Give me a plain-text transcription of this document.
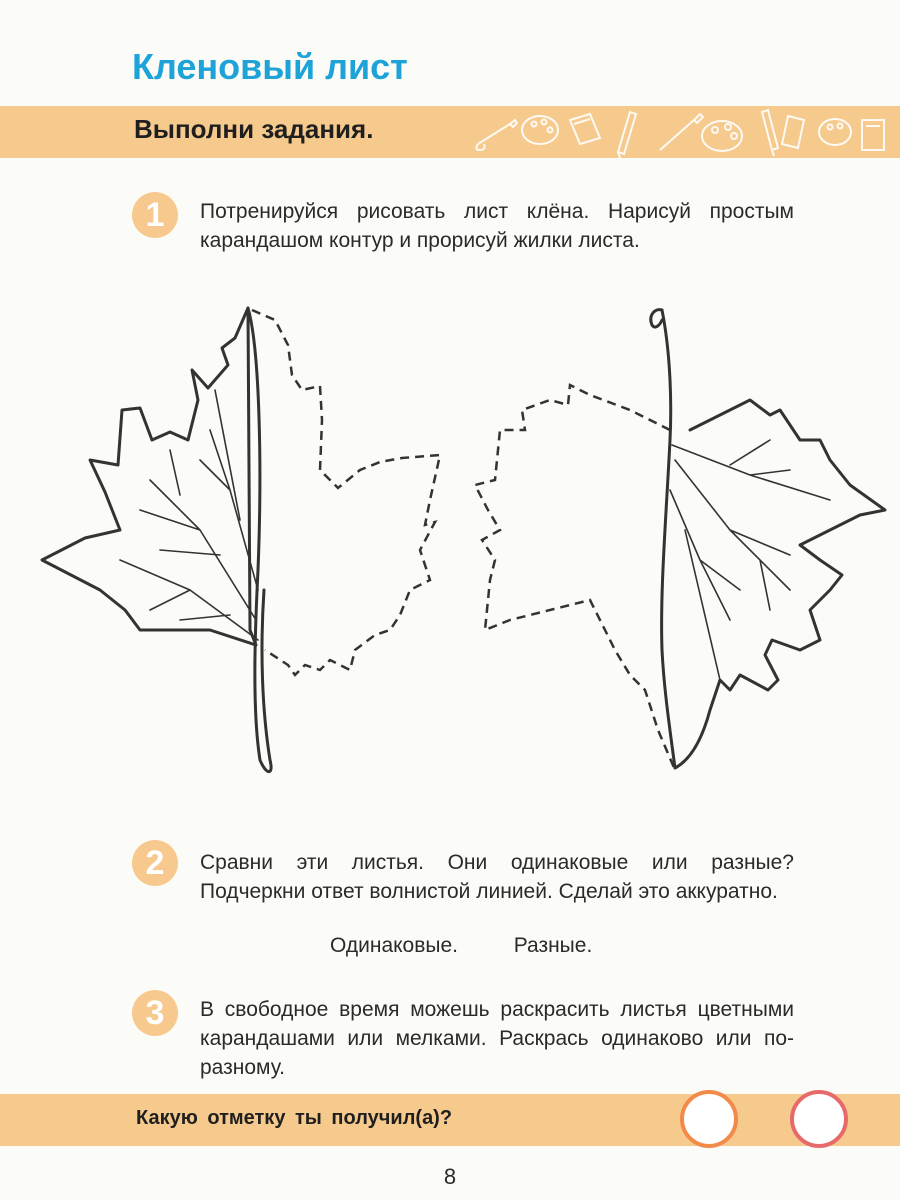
Кленовый лист
Выполни задания.
1	Потренируйся рисовать лист клёна. Нарисуй простым карандашом контур и прорисуй жилки листа.
2	Сравни эти листья. Они одинаковые или разные? Подчеркни ответ волнистой линией. Сделай это аккуратно.
Одинаковые.	Разные.
3	В свободное время можешь раскрасить листья цветными карандашами или мелками. Раскрась одинаково или по-разному.
Какую отметку ты получил(а)?
8
